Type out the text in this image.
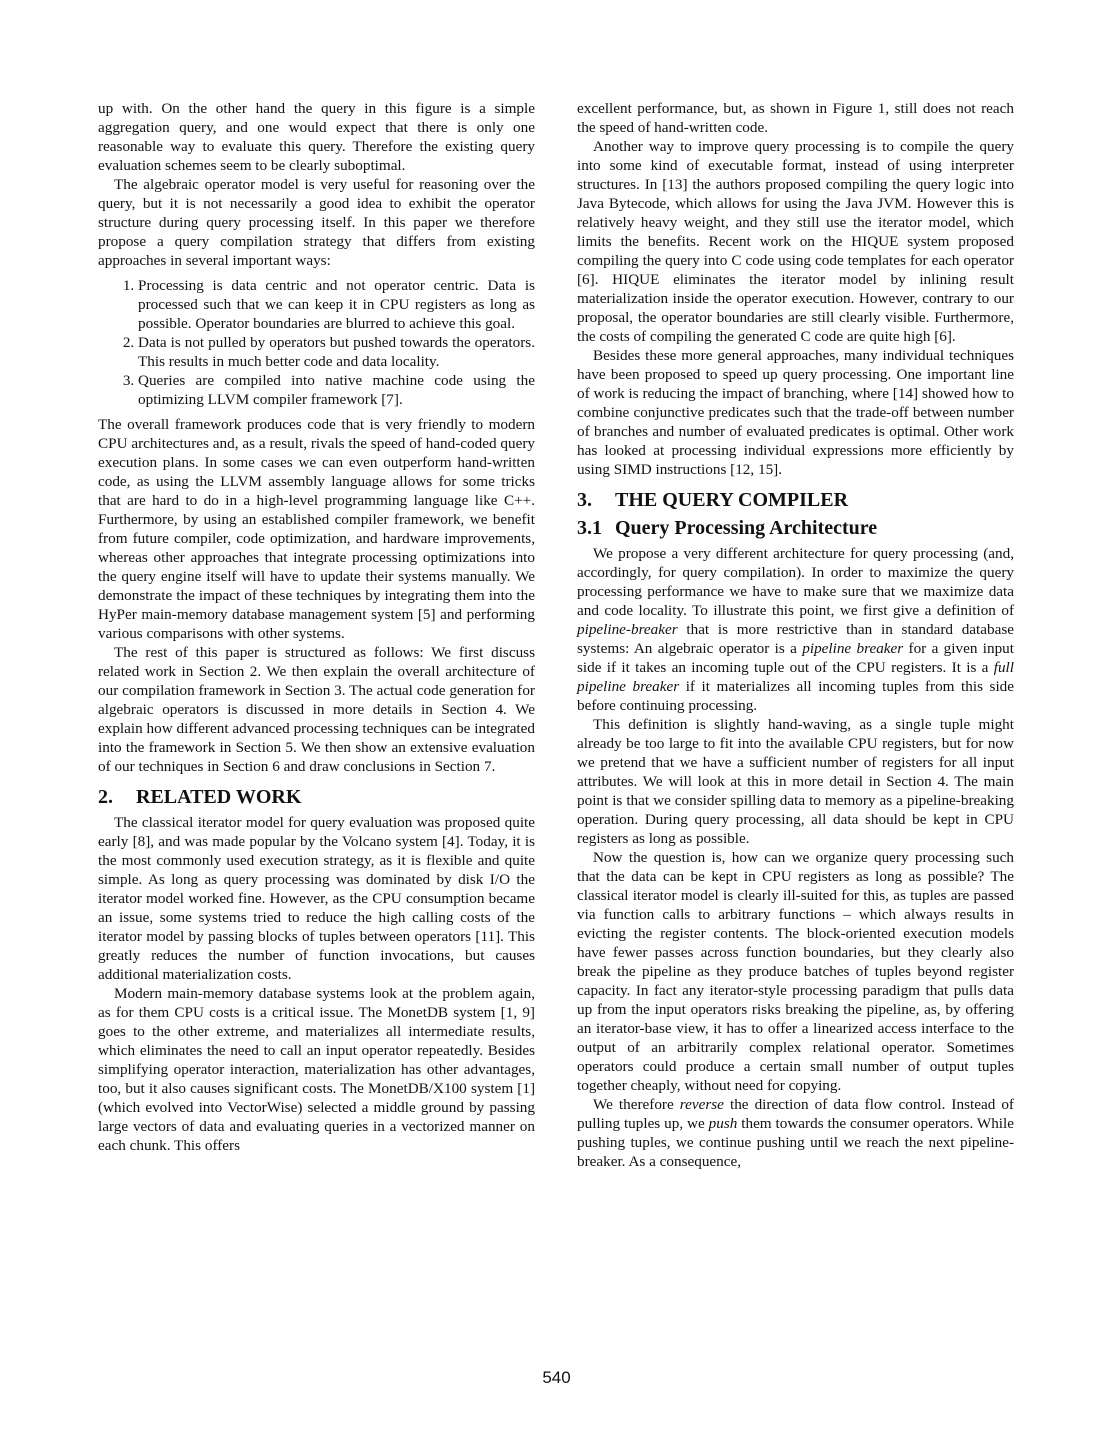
up with. On the other hand the query in this figure is a simple aggregation query, and one would expect that there is only one reasonable way to evaluate this query. Therefore the existing query evaluation schemes seem to be clearly suboptimal.

The algebraic operator model is very useful for reasoning over the query, but it is not necessarily a good idea to exhibit the operator structure during query processing itself. In this paper we therefore propose a query compilation strategy that differs from existing approaches in several important ways:

1. Processing is data centric and not operator centric. Data is processed such that we can keep it in CPU registers as long as possible. Operator boundaries are blurred to achieve this goal.
2. Data is not pulled by operators but pushed towards the operators. This results in much better code and data locality.
3. Queries are compiled into native machine code using the optimizing LLVM compiler framework [7].

The overall framework produces code that is very friendly to modern CPU architectures and, as a result, rivals the speed of hand-coded query execution plans. In some cases we can even outperform hand-written code, as using the LLVM assembly language allows for some tricks that are hard to do in a high-level programming language like C++. Furthermore, by using an established compiler framework, we benefit from future compiler, code optimization, and hardware improvements, whereas other approaches that integrate processing optimizations into the query engine itself will have to update their systems manually. We demonstrate the impact of these techniques by integrating them into the HyPer main-memory database management system [5] and performing various comparisons with other systems.

The rest of this paper is structured as follows: We first discuss related work in Section 2. We then explain the overall architecture of our compilation framework in Section 3. The actual code generation for algebraic operators is discussed in more details in Section 4. We explain how different advanced processing techniques can be integrated into the framework in Section 5. We then show an extensive evaluation of our techniques in Section 6 and draw conclusions in Section 7.

2. RELATED WORK

The classical iterator model for query evaluation was proposed quite early [8], and was made popular by the Volcano system [4]. Today, it is the most commonly used execution strategy, as it is flexible and quite simple. As long as query processing was dominated by disk I/O the iterator model worked fine. However, as the CPU consumption became an issue, some systems tried to reduce the high calling costs of the iterator model by passing blocks of tuples between operators [11]. This greatly reduces the number of function invocations, but causes additional materialization costs.

Modern main-memory database systems look at the problem again, as for them CPU costs is a critical issue. The MonetDB system [1, 9] goes to the other extreme, and materializes all intermediate results, which eliminates the need to call an input operator repeatedly. Besides simplifying operator interaction, materialization has other advantages, too, but it also causes significant costs. The MonetDB/X100 system [1] (which evolved into VectorWise) selected a middle ground by passing large vectors of data and evaluating queries in a vectorized manner on each chunk. This offers

excellent performance, but, as shown in Figure 1, still does not reach the speed of hand-written code.

Another way to improve query processing is to compile the query into some kind of executable format, instead of using interpreter structures. In [13] the authors proposed compiling the query logic into Java Bytecode, which allows for using the Java JVM. However this is relatively heavy weight, and they still use the iterator model, which limits the benefits. Recent work on the HIQUE system proposed compiling the query into C code using code templates for each operator [6]. HIQUE eliminates the iterator model by inlining result materialization inside the operator execution. However, contrary to our proposal, the operator boundaries are still clearly visible. Furthermore, the costs of compiling the generated C code are quite high [6].

Besides these more general approaches, many individual techniques have been proposed to speed up query processing. One important line of work is reducing the impact of branching, where [14] showed how to combine conjunctive predicates such that the trade-off between number of branches and number of evaluated predicates is optimal. Other work has looked at processing individual expressions more efficiently by using SIMD instructions [12, 15].

3. THE QUERY COMPILER
3.1 Query Processing Architecture

We propose a very different architecture for query processing (and, accordingly, for query compilation). In order to maximize the query processing performance we have to make sure that we maximize data and code locality. To illustrate this point, we first give a definition of pipeline-breaker that is more restrictive than in standard database systems: An algebraic operator is a pipeline breaker for a given input side if it takes an incoming tuple out of the CPU registers. It is a full pipeline breaker if it materializes all incoming tuples from this side before continuing processing.

This definition is slightly hand-waving, as a single tuple might already be too large to fit into the available CPU registers, but for now we pretend that we have a sufficient number of registers for all input attributes. We will look at this in more detail in Section 4. The main point is that we consider spilling data to memory as a pipeline-breaking operation. During query processing, all data should be kept in CPU registers as long as possible.

Now the question is, how can we organize query processing such that the data can be kept in CPU registers as long as possible? The classical iterator model is clearly ill-suited for this, as tuples are passed via function calls to arbitrary functions – which always results in evicting the register contents. The block-oriented execution models have fewer passes across function boundaries, but they clearly also break the pipeline as they produce batches of tuples beyond register capacity. In fact any iterator-style processing paradigm that pulls data up from the input operators risks breaking the pipeline, as, by offering an iterator-base view, it has to offer a linearized access interface to the output of an arbitrarily complex relational operator. Sometimes operators could produce a certain small number of output tuples together cheaply, without need for copying.

We therefore reverse the direction of data flow control. Instead of pulling tuples up, we push them towards the consumer operators. While pushing tuples, we continue pushing until we reach the next pipeline-breaker. As a consequence,

540
